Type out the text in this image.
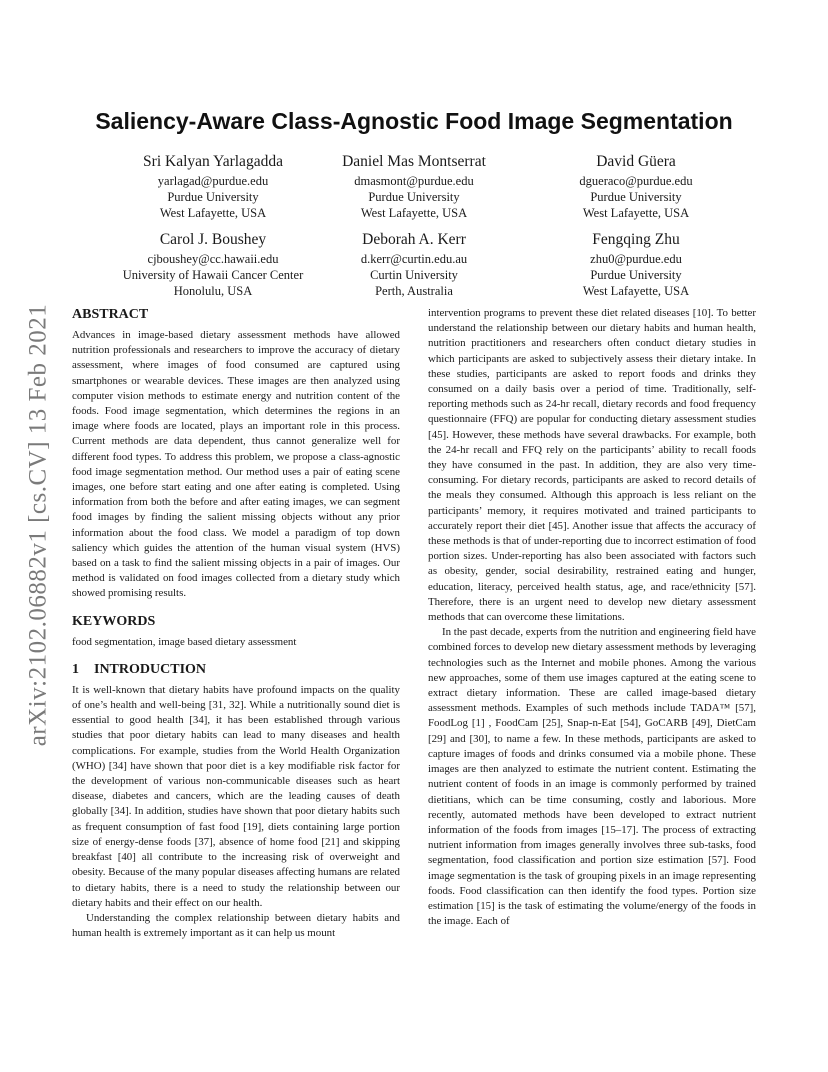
arXiv:2102.06882v1 [cs.CV] 13 Feb 2021
Saliency-Aware Class-Agnostic Food Image Segmentation
Sri Kalyan Yarlagadda
yarlagad@purdue.edu
Purdue University
West Lafayette, USA
Daniel Mas Montserrat
dmasmont@purdue.edu
Purdue University
West Lafayette, USA
David Güera
dgueraco@purdue.edu
Purdue University
West Lafayette, USA
Carol J. Boushey
cjboushey@cc.hawaii.edu
University of Hawaii Cancer Center
Honolulu, USA
Deborah A. Kerr
d.kerr@curtin.edu.au
Curtin University
Perth, Australia
Fengqing Zhu
zhu0@purdue.edu
Purdue University
West Lafayette, USA
ABSTRACT

Advances in image-based dietary assessment methods have allowed nutrition professionals and researchers to improve the accuracy of dietary assessment, where images of food consumed are captured using smartphones or wearable devices. These images are then analyzed using computer vision methods to estimate energy and nutrition content of the foods. Food image segmentation, which determines the regions in an image where foods are located, plays an important role in this process. Current methods are data dependent, thus cannot generalize well for different food types. To address this problem, we propose a class-agnostic food image segmentation method. Our method uses a pair of eating scene images, one before start eating and one after eating is completed. Using information from both the before and after eating images, we can segment food images by finding the salient missing objects without any prior information about the food class. We model a paradigm of top down saliency which guides the attention of the human visual system (HVS) based on a task to find the salient missing objects in a pair of images. Our method is validated on food images collected from a dietary study which showed promising results.

KEYWORDS

food segmentation, image based dietary assessment

1 INTRODUCTION

It is well-known that dietary habits have profound impacts on the quality of one’s health and well-being [31, 32]. While a nutritionally sound diet is essential to good health [34], it has been established through various studies that poor dietary habits can lead to many diseases and health complications. For example, studies from the World Health Organization (WHO) [34] have shown that poor diet is a key modifiable risk factor for the development of various non-communicable diseases such as heart disease, diabetes and cancers, which are the leading causes of death globally [34]. In addition, studies have shown that poor dietary habits such as frequent consumption of fast food [19], diets containing large portion size of energy-dense foods [37], absence of home food [21] and skipping breakfast [40] all contribute to the increasing risk of overweight and obesity. Because of the many popular diseases affecting humans are related to dietary habits, there is a need to study the relationship between our dietary habits and their effect on our health.

Understanding the complex relationship between dietary habits and human health is extremely important as it can help us mount

intervention programs to prevent these diet related diseases [10]. To better understand the relationship between our dietary habits and human health, nutrition practitioners and researchers often conduct dietary studies in which participants are asked to subjectively assess their dietary intake. In these studies, participants are asked to report foods and drinks they consumed on a daily basis over a period of time. Traditionally, self-reporting methods such as 24-hr recall, dietary records and food frequency questionnaire (FFQ) are popular for conducting dietary assessment studies [45]. However, these methods have several drawbacks. For example, both the 24-hr recall and FFQ rely on the participants’ ability to recall foods they have consumed in the past. In addition, they are also very time-consuming. For dietary records, participants are asked to record details of the meals they consumed. Although this approach is less reliant on the participants’ memory, it requires motivated and trained participants to accurately report their diet [45]. Another issue that affects the accuracy of these methods is that of under-reporting due to incorrect estimation of food portion sizes. Under-reporting has also been associated with factors such as obesity, gender, social desirability, restrained eating and hunger, education, literacy, perceived health status, age, and race/ethnicity [57]. Therefore, there is an urgent need to develop new dietary assessment methods that can overcome these limitations.

In the past decade, experts from the nutrition and engineering field have combined forces to develop new dietary assessment methods by leveraging technologies such as the Internet and mobile phones. Among the various new approaches, some of them use images captured at the eating scene to extract dietary information. These are called image-based dietary assessment methods. Examples of such methods include TADA™ [57], FoodLog [1] , FoodCam [25], Snap-n-Eat [54], GoCARB [49], DietCam [29] and [30], to name a few. In these methods, participants are asked to capture images of foods and drinks consumed via a mobile phone. These images are then analyzed to estimate the nutrient content. Estimating the nutrient content of foods in an image is commonly performed by trained dietitians, which can be time consuming, costly and laborious. More recently, automated methods have been developed to extract nutrient information of the foods from images [15–17]. The process of extracting nutrient information from images generally involves three sub-tasks, food segmentation, food classification and portion size estimation [57]. Food image segmentation is the task of grouping pixels in an image representing foods. Food classification can then identify the food types. Portion size estimation [15] is the task of estimating the volume/energy of the foods in the image. Each of
